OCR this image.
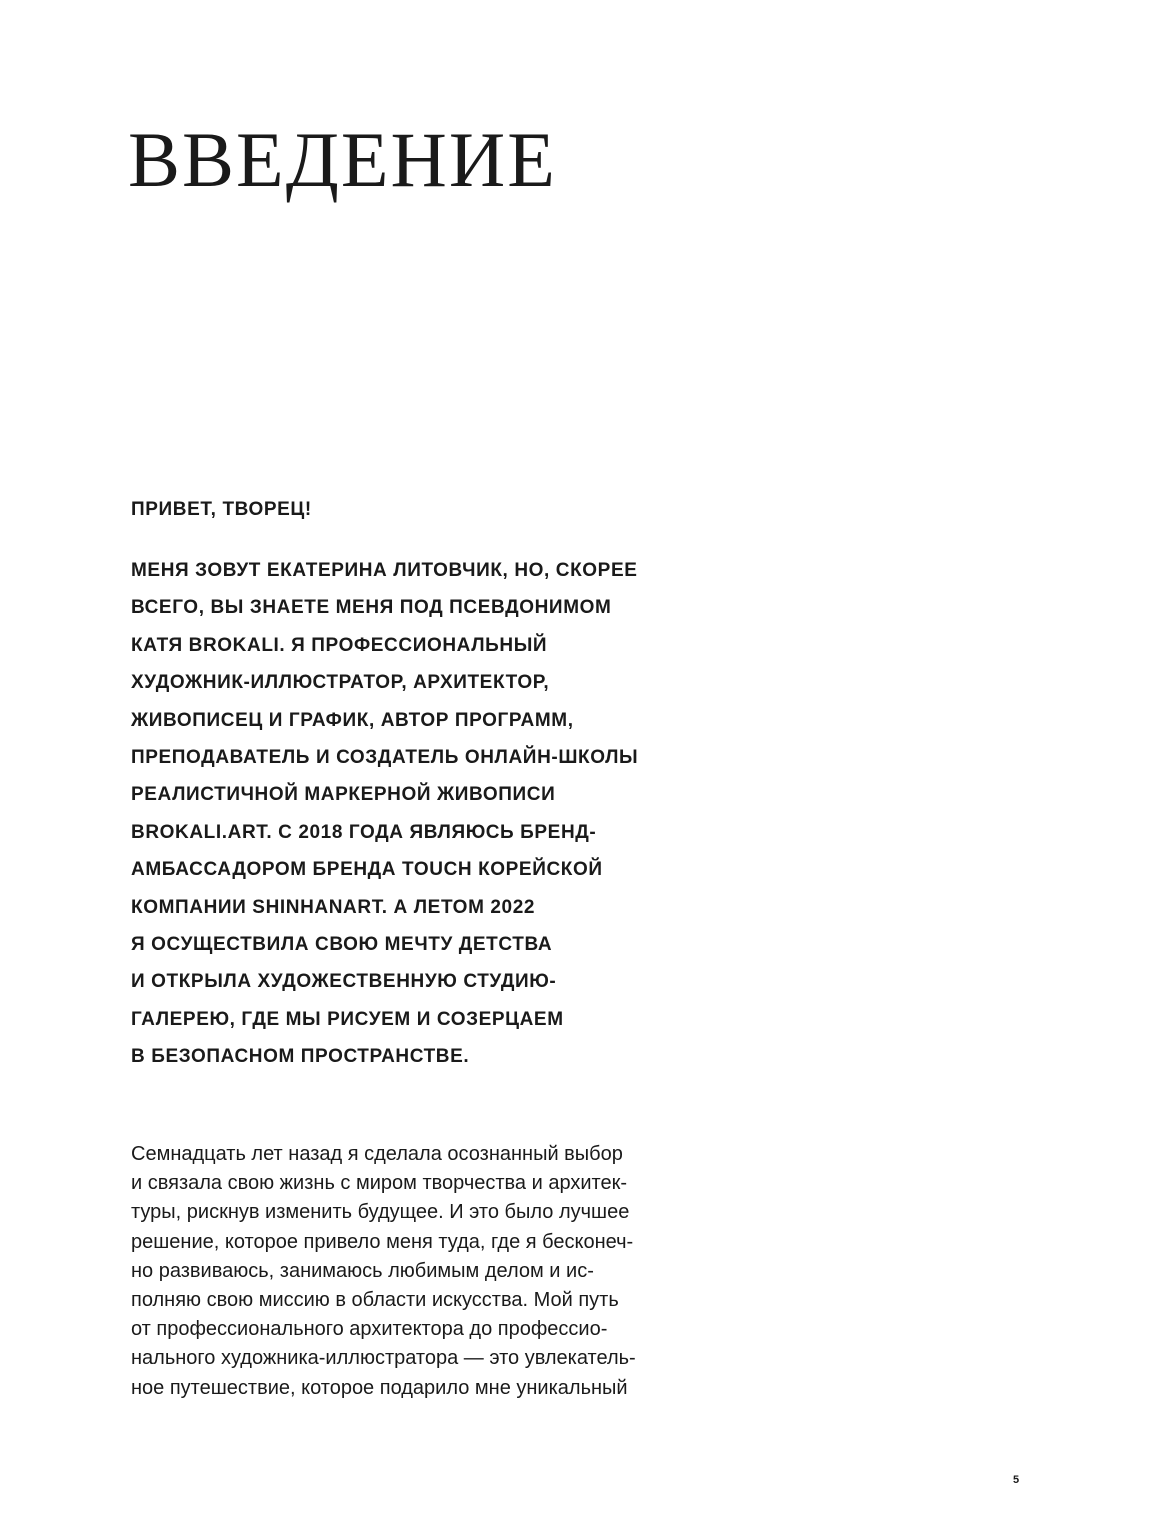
ВВЕДЕНИЕ

ПРИВЕТ, ТВОРЕЦ!

МЕНЯ ЗОВУТ ЕКАТЕРИНА ЛИТОВЧИК, НО, СКОРЕЕ
ВСЕГО, ВЫ ЗНАЕТЕ МЕНЯ ПОД ПСЕВДОНИМОМ
КАТЯ BROKALI. Я ПРОФЕССИОНАЛЬНЫЙ
ХУДОЖНИК-ИЛЛЮСТРАТОР, АРХИТЕКТОР,
ЖИВОПИСЕЦ И ГРАФИК, АВТОР ПРОГРАММ,
ПРЕПОДАВАТЕЛЬ И СОЗДАТЕЛЬ ОНЛАЙН-ШКОЛЫ
РЕАЛИСТИЧНОЙ МАРКЕРНОЙ ЖИВОПИСИ
BROKALI.ART. С 2018 ГОДА ЯВЛЯЮСЬ БРЕНД-
АМБАССАДОРОМ БРЕНДА TOUCH КОРЕЙСКОЙ
КОМПАНИИ SHINHANART. А ЛЕТОМ 2022
Я ОСУЩЕСТВИЛА СВОЮ МЕЧТУ ДЕТСТВА
И ОТКРЫЛА ХУДОЖЕСТВЕННУЮ СТУДИЮ-
ГАЛЕРЕЮ, ГДЕ МЫ РИСУЕМ И СОЗЕРЦАЕМ
В БЕЗОПАСНОМ ПРОСТРАНСТВЕ.
Семнадцать лет назад я сделала осознанный выбор
и связала свою жизнь с миром творчества и архитек-
туры, рискнув изменить будущее. И это было лучшее
решение, которое привело меня туда, где я бесконеч-
но развиваюсь, занимаюсь любимым делом и ис-
полняю свою миссию в области искусства. Мой путь
от профессионального архитектора до профессио-
нального художника-иллюстратора — это увлекатель-
ное путешествие, которое подарило мне уникальный
5
